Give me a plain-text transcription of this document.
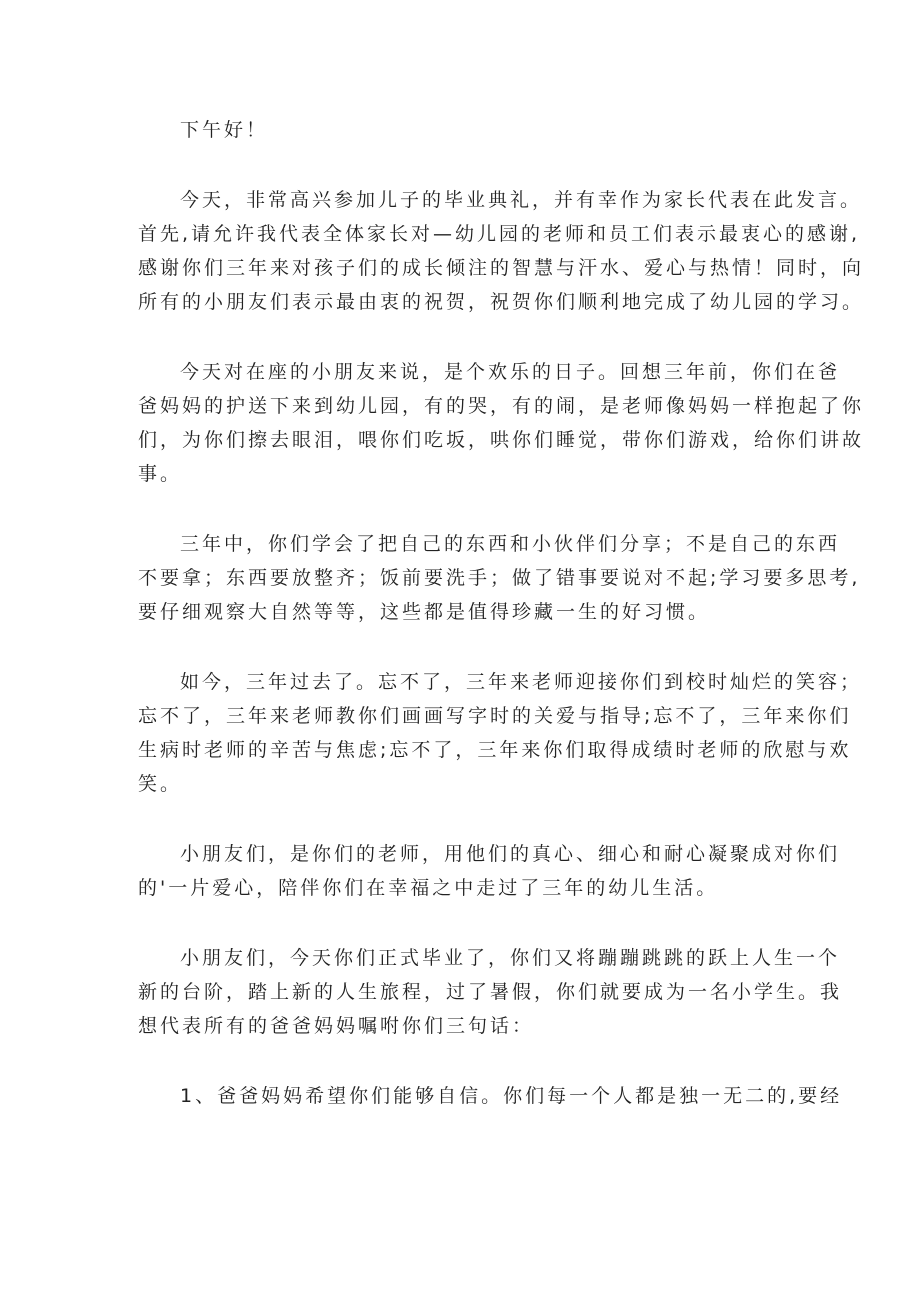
下午好！
今天，非常高兴参加儿子的毕业典礼，并有幸作为家长代表在此发言。
首先,请允许我代表全体家长对—幼儿园的老师和员工们表示最衷心的感谢,
感谢你们三年来对孩子们的成长倾注的智慧与汗水、爱心与热情！同时，向
所有的小朋友们表示最由衷的祝贺，祝贺你们顺利地完成了幼儿园的学习。
今天对在座的小朋友来说，是个欢乐的日子。回想三年前，你们在爸
爸妈妈的护送下来到幼儿园，有的哭，有的闹，是老师像妈妈一样抱起了你
们，为你们擦去眼泪，喂你们吃坂，哄你们睡觉，带你们游戏，给你们讲故
事。
三年中，你们学会了把自己的东西和小伙伴们分享；不是自己的东西
不要拿；东西要放整齐；饭前要洗手；做了错事要说对不起;学习要多思考,
要仔细观察大自然等等，这些都是值得珍藏一生的好习惯。
如今，三年过去了。忘不了，三年来老师迎接你们到校时灿烂的笑容；
忘不了，三年来老师教你们画画写字时的关爱与指导;忘不了，三年来你们
生病时老师的辛苦与焦虑;忘不了，三年来你们取得成绩时老师的欣慰与欢
笑。
小朋友们，是你们的老师，用他们的真心、细心和耐心凝聚成对你们
的'一片爱心，陪伴你们在幸福之中走过了三年的幼儿生活。
小朋友们，今天你们正式毕业了，你们又将蹦蹦跳跳的跃上人生一个
新的台阶，踏上新的人生旅程，过了暑假，你们就要成为一名小学生。我
想代表所有的爸爸妈妈嘱咐你们三句话：
1、爸爸妈妈希望你们能够自信。你们每一个人都是独一无二的,要经
